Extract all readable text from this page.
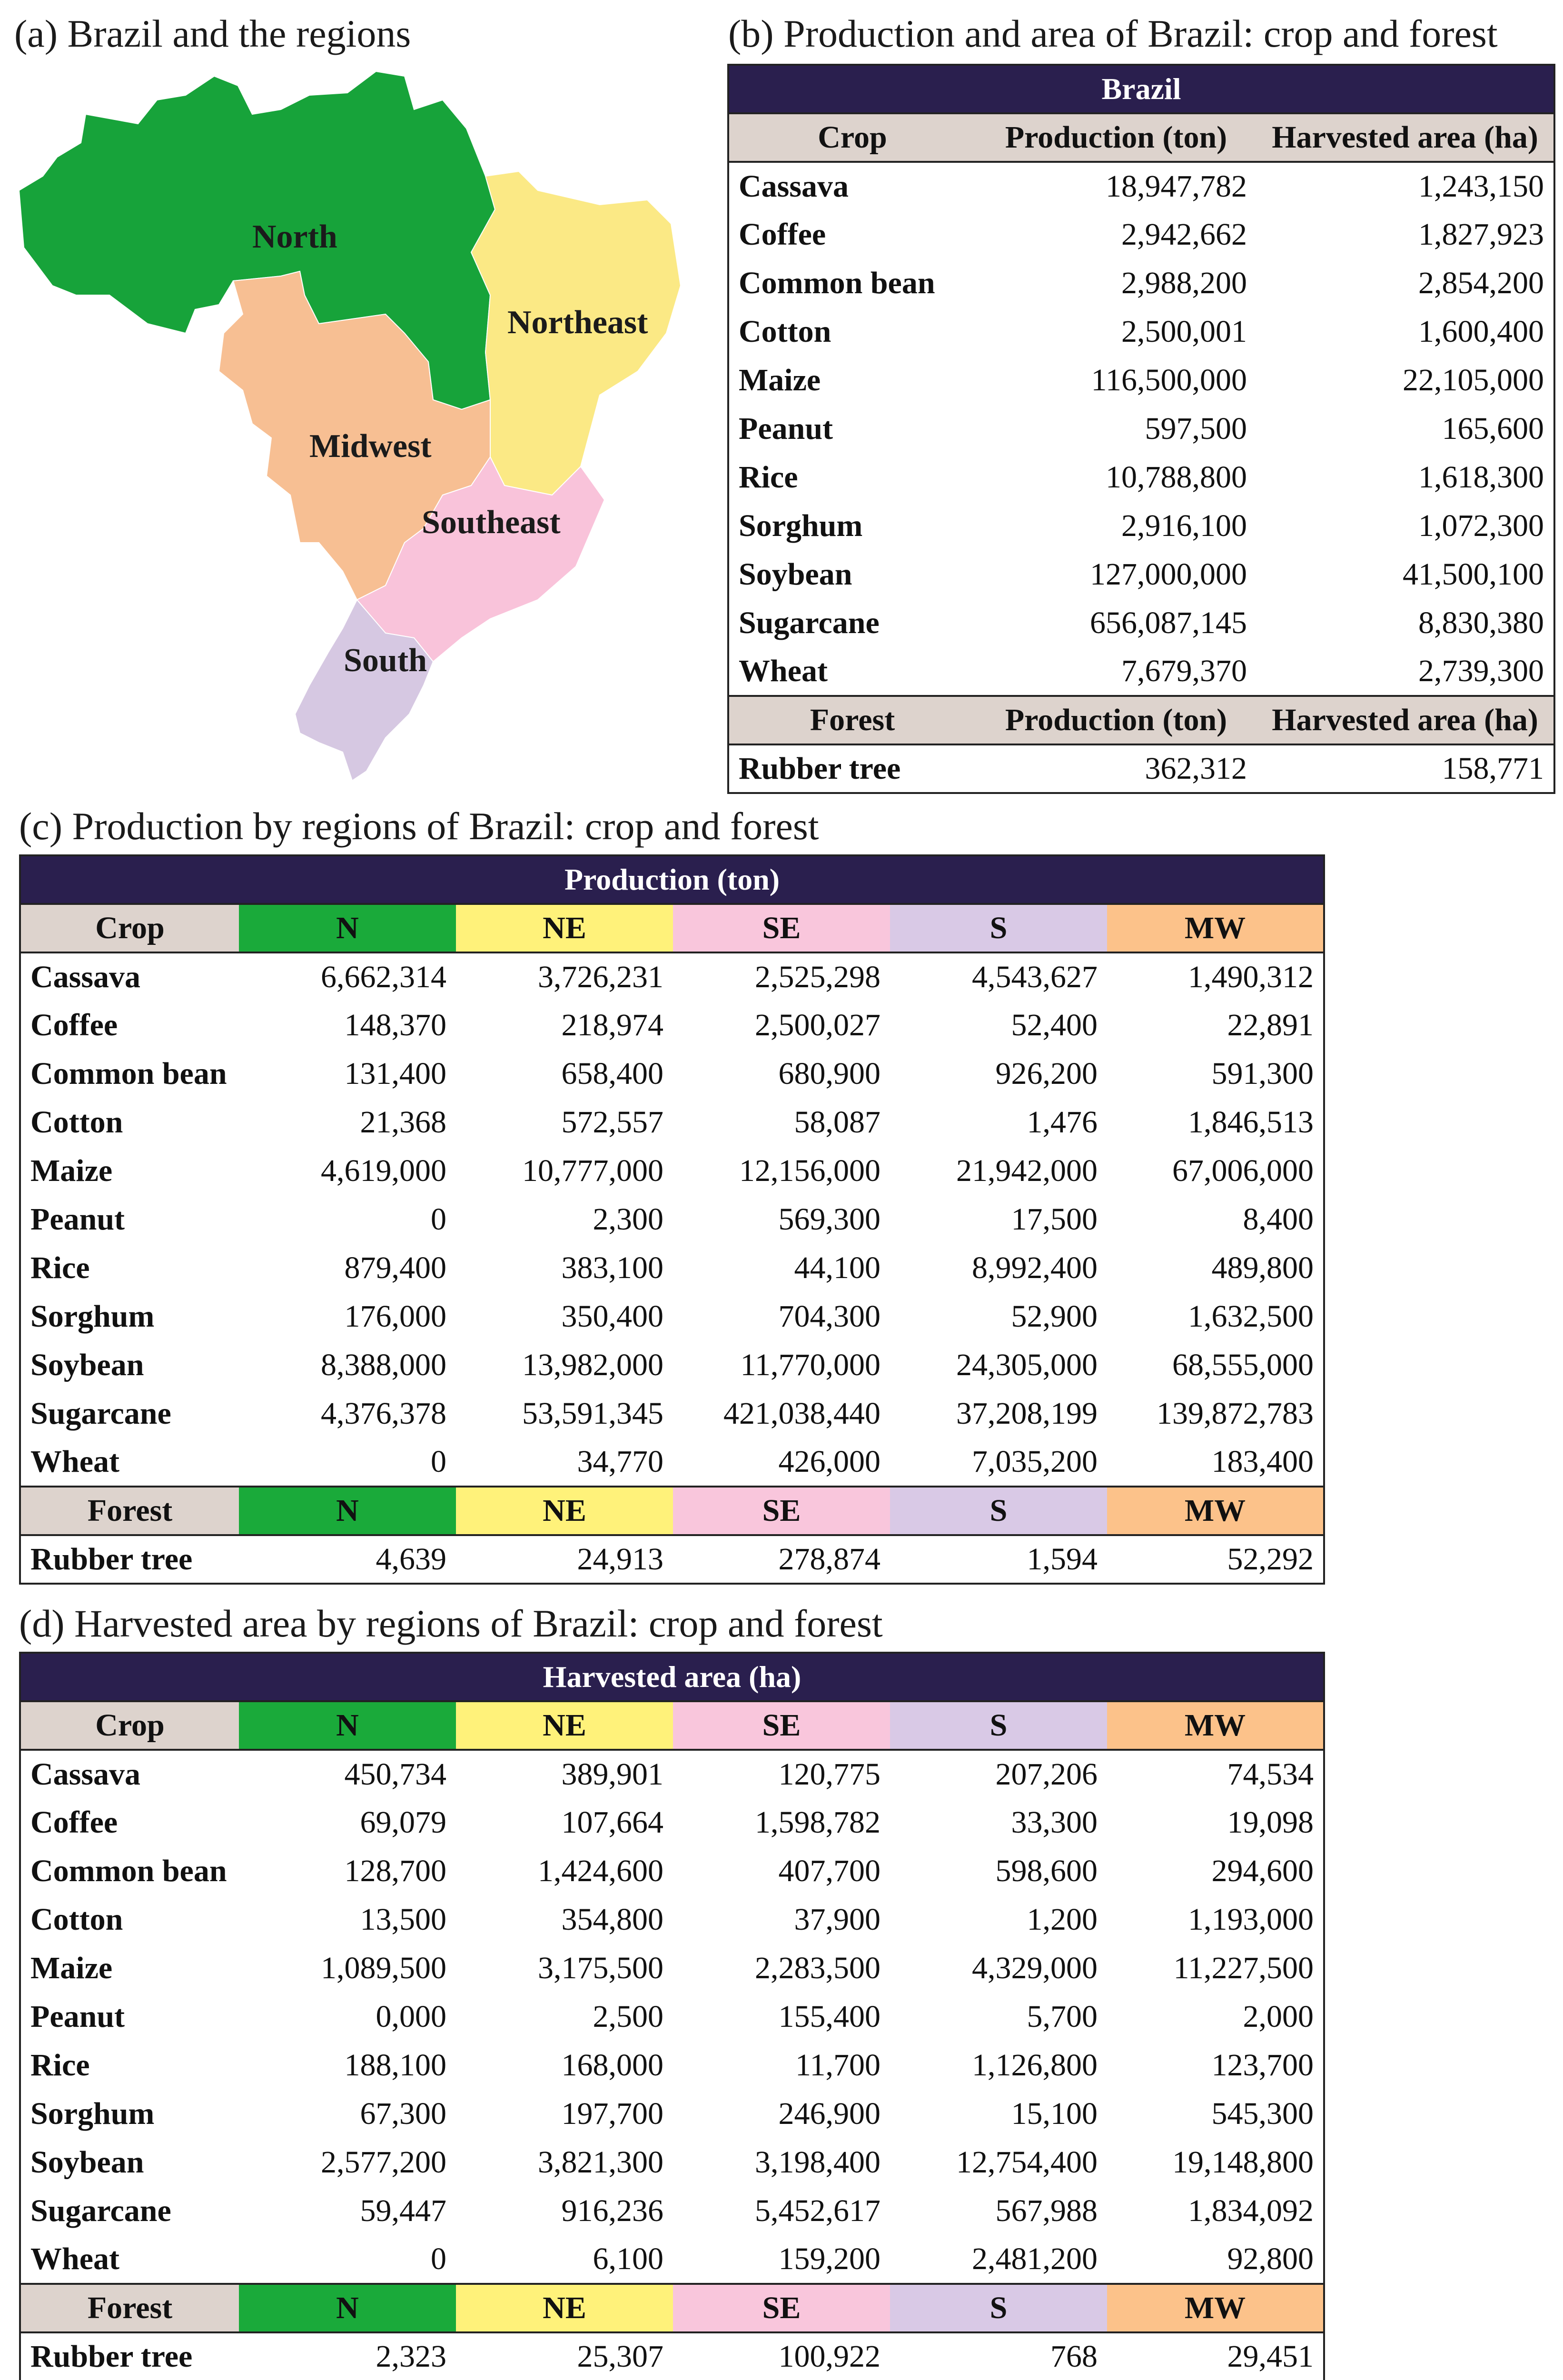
(a) Brazil and the regions	(b) Production and area of Brazil: crop and forest
(c) Production by regions of Brazil: crop and forest
(d) Harvested area by regions of Brazil: crop and forest
North
Northeast
Midwest
Southeast
South
Brazil		
Crop	Production (ton)	Harvested area (ha)
Cassava	18,947,782	1,243,150
Coffee	2,942,662	1,827,923
Common bean	2,988,200	2,854,200
Cotton	2,500,001	1,600,400
Maize	116,500,000	22,105,000
Peanut	597,500	165,600
Rice	10,788,800	1,618,300
Sorghum	2,916,100	1,072,300
Soybean	127,000,000	41,500,100
Sugarcane	656,087,145	8,830,380
Wheat	7,679,370	2,739,300
Forest	Production (ton)	Harvested area (ha)
Rubber tree	362,312	158,771
Production (ton)					
Crop	N	NE	SE	S	MW
Cassava	6,662,314	3,726,231	2,525,298	4,543,627	1,490,312
Coffee	148,370	218,974	2,500,027	52,400	22,891
Common bean	131,400	658,400	680,900	926,200	591,300
Cotton	21,368	572,557	58,087	1,476	1,846,513
Maize	4,619,000	10,777,000	12,156,000	21,942,000	67,006,000
Peanut	0	2,300	569,300	17,500	8,400
Rice	879,400	383,100	44,100	8,992,400	489,800
Sorghum	176,000	350,400	704,300	52,900	1,632,500
Soybean	8,388,000	13,982,000	11,770,000	24,305,000	68,555,000
Sugarcane	4,376,378	53,591,345	421,038,440	37,208,199	139,872,783
Wheat	0	34,770	426,000	7,035,200	183,400
Forest	N	NE	SE	S	MW
Rubber tree	4,639	24,913	278,874	1,594	52,292
Harvested area (ha)					
Crop	N	NE	SE	S	MW
Cassava	450,734	389,901	120,775	207,206	74,534
Coffee	69,079	107,664	1,598,782	33,300	19,098
Common bean	128,700	1,424,600	407,700	598,600	294,600
Cotton	13,500	354,800	37,900	1,200	1,193,000
Maize	1,089,500	3,175,500	2,283,500	4,329,000	11,227,500
Peanut	0,000	2,500	155,400	5,700	2,000
Rice	188,100	168,000	11,700	1,126,800	123,700
Sorghum	67,300	197,700	246,900	15,100	545,300
Soybean	2,577,200	3,821,300	3,198,400	12,754,400	19,148,800
Sugarcane	59,447	916,236	5,452,617	567,988	1,834,092
Wheat	0	6,100	159,200	2,481,200	92,800
Forest	N	NE	SE	S	MW
Rubber tree	2,323	25,307	100,922	768	29,451
